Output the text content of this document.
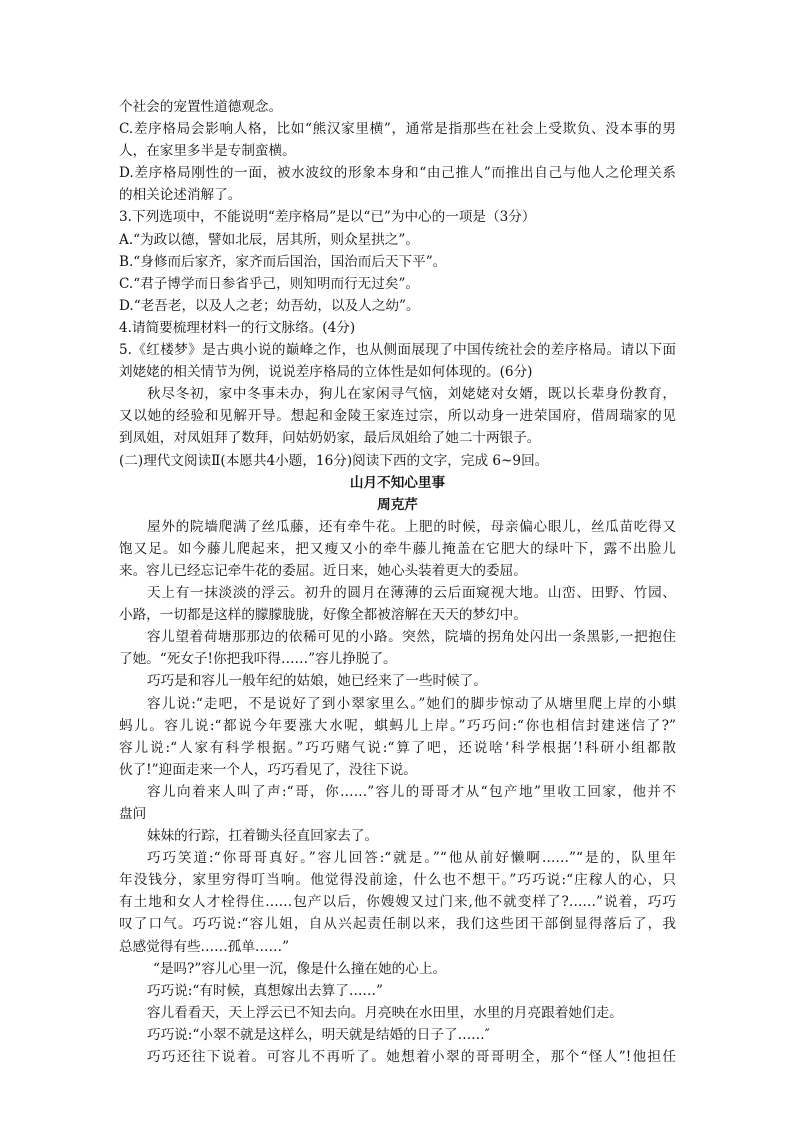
个社会的宠置性道德观念。
C.差序格局会影响人格，比如“熊汉家里横”，通常是指那些在社会上受欺负、没本事的男
人，在家里多半是专制蛮横。
D.差序格局刚性的一面，被水波纹的形象本身和“由己推人”而推出自己与他人之伦理关系
的相关论述消解了。
3.下列选项中，不能说明“差序格局”是以“已”为中心的一项是（3分）
A.“为政以德，譬如北辰，居其所，则众星拱之”。
B.“身修而后家齐，家齐而后国治，国治而后天下平”。
C.“君子博学而日参省乎己，则知明而行无过矣”。
D.“老吾老，以及人之老；幼吾幼，以及人之幼”。
4.请简要梳理材料一的行文脉络。(4分)
5.《红楼梦》是古典小说的巅峰之作，也从侧面展现了中国传统社会的差序格局。请以下面
刘姥姥的相关情节为例，说说差序格局的立体性是如何体现的。(6分)
秋尽冬初，家中冬事未办，狗儿在家闲寻气恼，刘姥姥对女婿，既以长辈身份教育，
又以她的经验和见解开导。想起和金陵王家连过宗，所以动身一进荣国府，借周瑞家的见
到凤姐，对凤姐拜了数拜，问姑奶奶家，最后凤姐给了她二十两银子。
(二)理代文阅读Ⅱ(本愿共4小题，16分)阅读下西的文字，完成 6~9回。
山月不知心里事
周克芹
屋外的院墙爬满了丝瓜藤，还有牵牛花。上肥的时候，母亲偏心眼儿，丝瓜苗吃得又
饱又足。如今藤儿爬起来，把又瘦又小的牵牛藤儿掩盖在它肥大的绿叶下，露不出脸儿
来。容儿已经忘记牵牛花的委屈。近日来，她心头装着更大的委屈。
天上有一抹淡淡的浮云。初升的圆月在薄薄的云后面窥视大地。山峦、田野、竹园、
小路，一切都是这样的朦朦胧胧，好像全都被溶解在天天的梦幻中。
容儿望着荷塘那那边的依稀可见的小路。突然，院墙的拐角处闪出一条黑影,一把抱住
了她。“死女子!你把我吓得……”容儿挣脱了。
巧巧是和容儿一般年纪的姑娘，她已经来了一些时候了。
容儿说:“走吧，不是说好了到小翠家里么。”她们的脚步惊动了从塘里爬上岸的小蜞
蚂儿。容儿说:“都说今年要涨大水呢，蜞蚂儿上岸。”巧巧问:“你也相信封建迷信了?”
容儿说:“人家有科学根据。”巧巧赌气说:“算了吧，还说啥‘科学根据’!科研小组都散
伙了!”迎面走来一个人，巧巧看见了，没往下说。
容儿向着来人叫了声:“哥，你……”容儿的哥哥才从“包产地”里收工回家，他并不
盘问
妹妹的行踪，扛着锄头径直回家去了。
巧巧笑道:“你哥哥真好。”容儿回答:“就是。”“他从前好懒啊……”“是的，队里年
年没钱分，家里穷得叮当响。他觉得没前途，什么也不想干。”巧巧说:“庄稼人的心，只
有土地和女人才栓得住……包产以后，你嫂嫂又过门来,他不就变样了?……”说着，巧巧
叹了口气。巧巧说:“容儿姐，自从兴起责任制以来，我们这些团干部倒显得落后了，我
总感觉得有些……孤单……”
“是吗?”容儿心里一沉，像是什么撞在她的心上。
巧巧说:“有时候，真想嫁出去算了……”
容儿看看天，天上浮云已不知去向。月亮映在水田里，水里的月亮跟着她们走。
巧巧说:“小翠不就是这样么，明天就是结婚的日子了……″
巧巧还往下说着。可容儿不再听了。她想着小翠的哥哥明全，那个“怪人”!他担任
